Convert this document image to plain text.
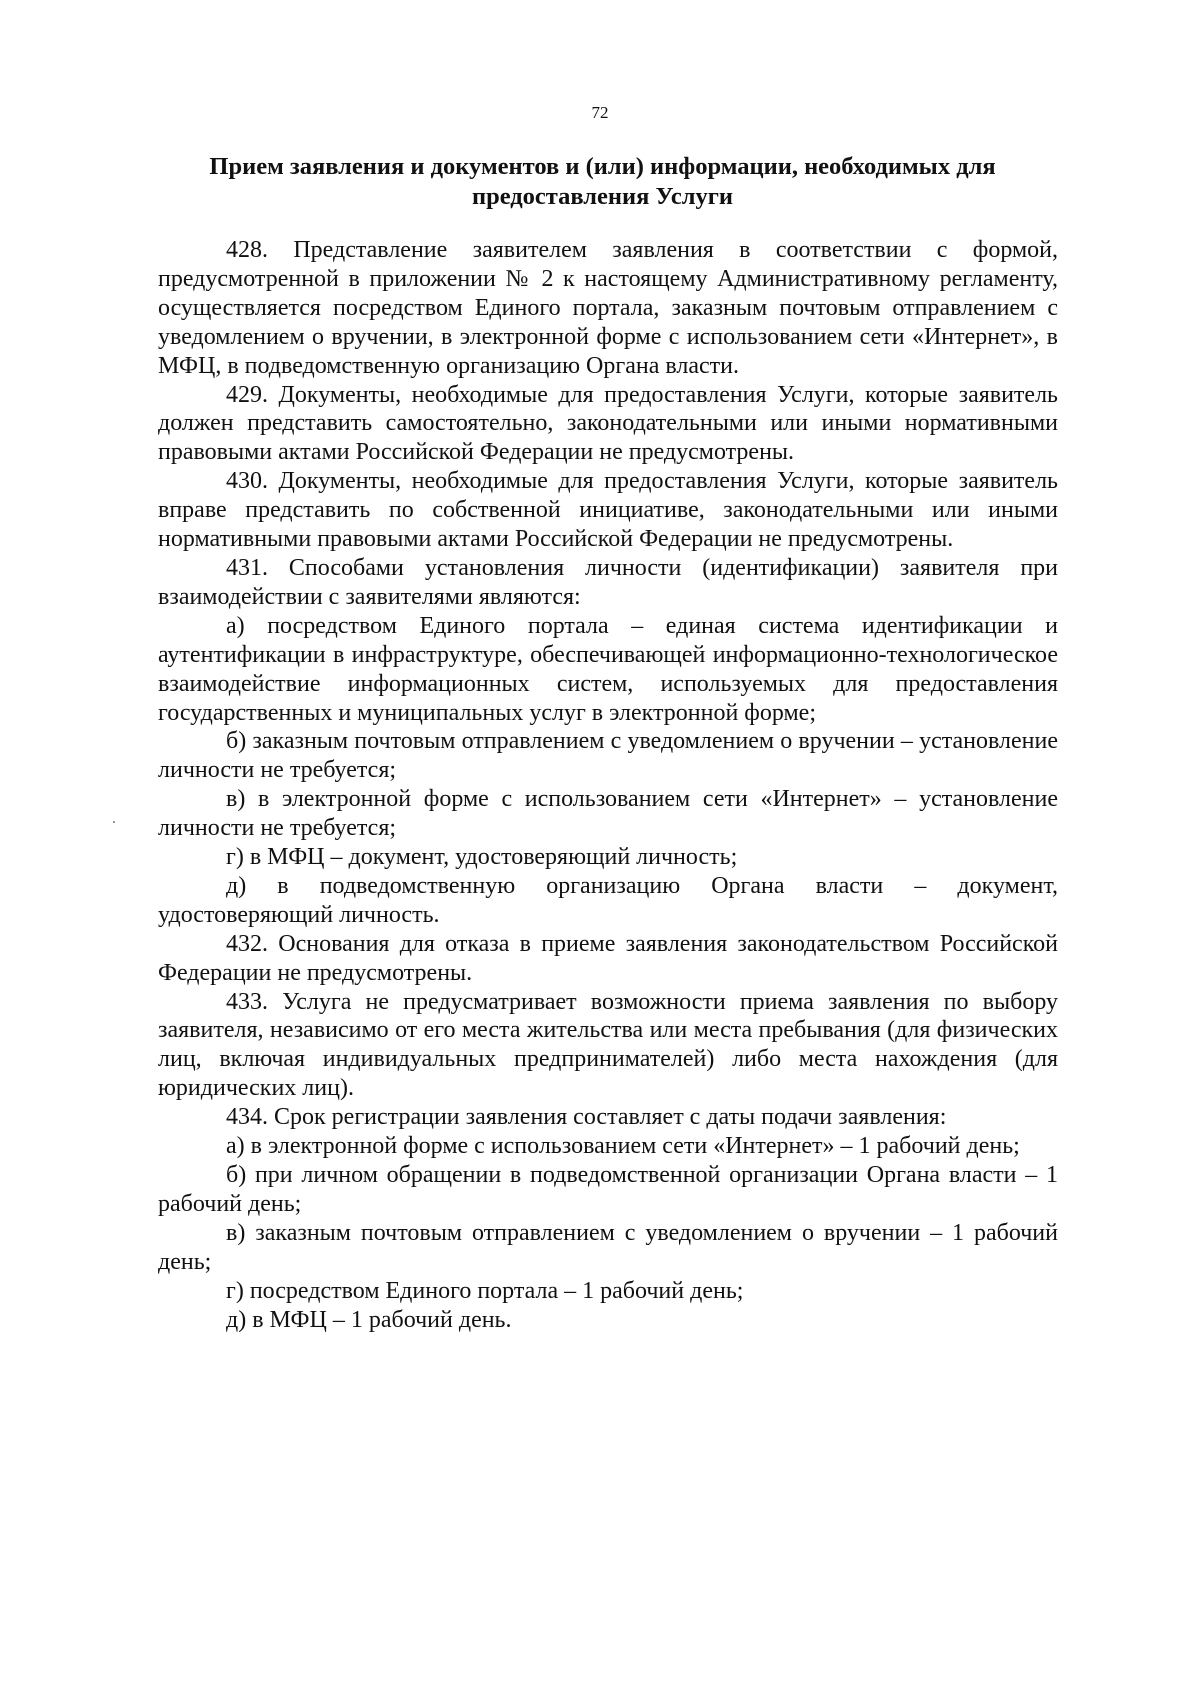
72
Прием заявления и документов и (или) информации, необходимых для предоставления Услуги

428. Представление заявителем заявления в соответствии с формой, предусмотренной в приложении № 2 к настоящему Административному регламенту, осуществляется посредством Единого портала, заказным почтовым отправлением с уведомлением о вручении, в электронной форме с использованием сети «Интернет», в МФЦ, в подведомственную организацию Органа власти.

429. Документы, необходимые для предоставления Услуги, которые заявитель должен представить самостоятельно, законодательными или иными нормативными правовыми актами Российской Федерации не предусмотрены.

430. Документы, необходимые для предоставления Услуги, которые заявитель вправе представить по собственной инициативе, законодательными или иными нормативными правовыми актами Российской Федерации не предусмотрены.

431. Способами установления личности (идентификации) заявителя при взаимодействии с заявителями являются:

а) посредством Единого портала – единая система идентификации и аутентификации в инфраструктуре, обеспечивающей информационно-технологическое взаимодействие информационных систем, используемых для предоставления государственных и муниципальных услуг в электронной форме;

б) заказным почтовым отправлением с уведомлением о вручении – установление личности не требуется;

в) в электронной форме с использованием сети «Интернет» – установление личности не требуется;

г) в МФЦ – документ, удостоверяющий личность;

д) в подведомственную организацию Органа власти – документ, удостоверяющий личность.

432. Основания для отказа в приеме заявления законодательством Российской Федерации не предусмотрены.

433. Услуга не предусматривает возможности приема заявления по выбору заявителя, независимо от его места жительства или места пребывания (для физических лиц, включая индивидуальных предпринимателей) либо места нахождения (для юридических лиц).

434. Срок регистрации заявления составляет с даты подачи заявления:

а) в электронной форме с использованием сети «Интернет» – 1 рабочий день;

б) при личном обращении в подведомственной организации Органа власти – 1 рабочий день;

в) заказным почтовым отправлением с уведомлением о вручении – 1 рабочий день;

г) посредством Единого портала – 1 рабочий день;

д) в МФЦ – 1 рабочий день.
